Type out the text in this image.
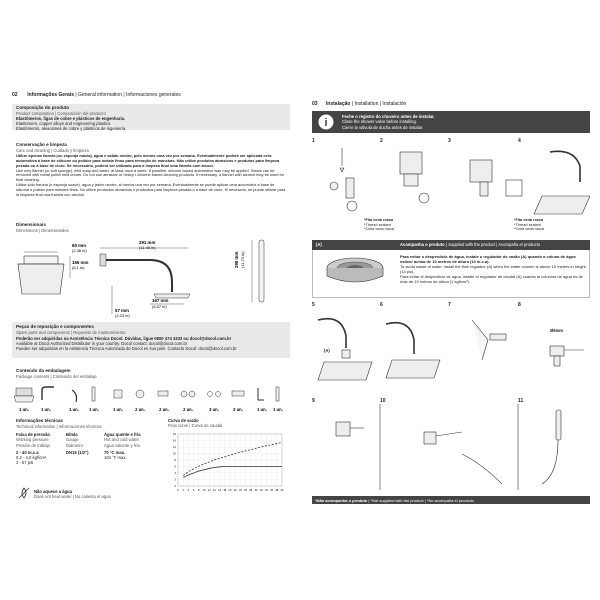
02 Informações Gerais | General information | Informaciones generales
Composição do produto
Product composition | Composición del producto
Elastômeros, ligas de cobre e plásticos de engenharia.
Elastomers, copper alloys and engineering plastics.
Elastómeros, aleaciones de cobre y plásticos de ingeniería.
Conservação e limpeza
Care and cleaning | Cuidado y limpieza
Utilize apenas flanela (ou esponja macia), água e sabão neutro, pelo menos uma vez por semana. Eventualmente poderá ser aplicada cera automotiva à base de silicone ou polidor para metais finos para remoção de manchas. Não utilize produtos abrasivos e produtos para limpeza pesada ou à base de cloro. Se necessário, poderá ser utilizado para a limpeza final uma flanela com álcool.
Use only flannel (or soft sponge), mild soap and water, at least once a week. If possible, silicone-based automotive wax may be applied. Stains can be removed with metal polish mild cream. Do not use abrasive or heavy / chlorine based cleaning products. If necessary, a flannel with alcohol may be used for final cleaning.
Utilice sólo franela (o esponja suave), agua y jabón neutro, al menos una vez por semana. Eventualmente se puede aplicar cera automotriz a base de silicona o pulidor para metales finos. No utilice productos abrasivos o productos para limpieza pesada o a base de cloro. Si necesario, se puede utilizar para la limpieza final una franela con alcohol.
Dimensionais
Dimensions | Dimensionales
60 mm
(2,36 in)
155 mm
(6,1 in)
291 mm
(11,46 in)
57 mm
(2,23 in)
167 mm
(6,57 in)
298 mm (11,73 in)
Peças de reposição e componentes
Spare parts and components | Repuesto de mantenimiento
Poderão ser adquiridas na Assistência Técnica Docol. Dúvidas, ligue 0800 474 3333 ou docol@docol.com.br
Available at Docol Authorized Distributor in your country. Docol contact: docol@docol.com.br
Pueden ser adquiridas en la Asistencia Técnica Autorizada de Docol en sus país. Contacto Docol: docol@docol.com.br
Conteúdo da embalagem
Package contents | Contenido del embalaje
1 un.	1 un.	1 un. 1 un.	1 un.	2 un.	2 un.	2 un.	3 un.	2 un.	1 un. 1 un.
Informações técnicas
Technical information | Informaciones técnicas
Faixa de pressão
Working pressure
Presión de trabajo
2 - 40 m.c.a
0,2 - 4,0 kgf/cm²
3 - 57 psi
Bitola
Gauge
Diámetro
DN15 (1/2")
Água quente e fria
Hot and cold water
Agua caliente y fría
70 °C max.
104 °F max.
Curva de vazão
Flow curve | Curva de caudal
0 2 4 6 8 10 12 14 16 18 20 22 24 26 28 30 32 34 36 38 40
0
2
4
6
8
10
12
14
16
Não aquece a água
Does not heat water | No calienta el agua
03 Instalação | Installation | Instalación
i
Feche o registro do chuveiro antes de instalar.
Close the shower valve before installing.
Cierre la válvula de ducha antes de instalar.
1	2	3	4
*Fita veda rosca
*Thread sealant
*Cinta veda rosca
*Fita veda rosca
*Thread sealant
*Cinta veda rosca
(A)	Acompanha o produto | Supplied with the product | Acompaña el producto
Para evitar o desperdício de água, instale o regulador de vazão (A) quando a coluna de água estiver acima de 10 metros de altura (10 m.c.a).
To avoid waste of water, install the flow regulator (A) when the water column is above 10 meters in height (14 psi).
Para evitar el desperdicio de agua, instale el regulador de caudal (A) cuando la columna de agua es de más de 10 metros de altura (1 kgf/cm²).
5	6	7	8
(A)
Ø6mm
9	10	11
*Não acompanha o produto | *Not supplied with the product | *No acompaña el producto
